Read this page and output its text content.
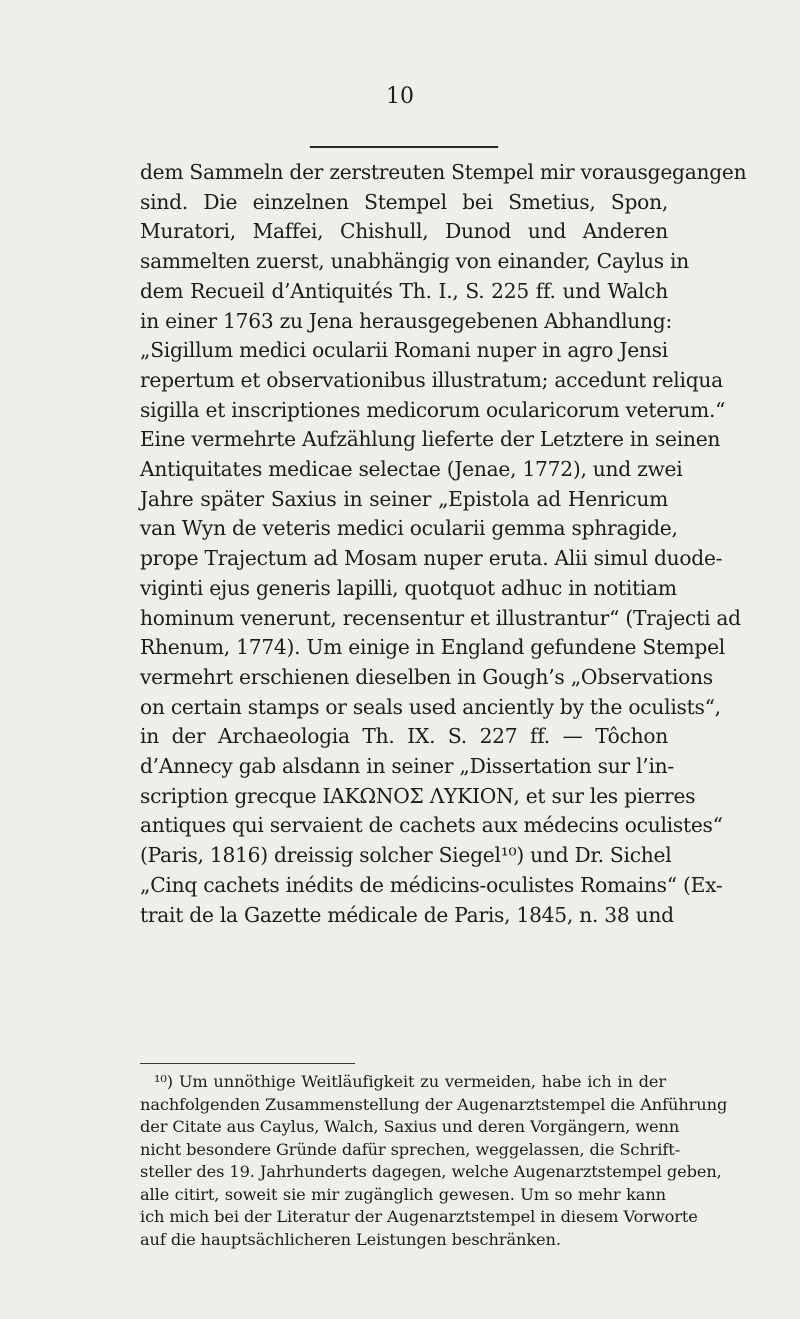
10
dem Sammeln der zerstreuten Stempel mir vorausgegangen
sind. Die einzelnen Stempel bei Smetius, Spon,
Muratori, Maffei, Chishull, Dunod und Anderen
sammelten zuerst, unabhängig von einander, Caylus in
dem Recueil d’Antiquités Th. I., S. 225 ff. und Walch
in einer 1763 zu Jena herausgegebenen Abhandlung:
„Sigillum medici ocularii Romani nuper in agro Jensi
repertum et observationibus illustratum; accedunt reliqua
sigilla et inscriptiones medicorum ocularicorum veterum.“
Eine vermehrte Aufzählung lieferte der Letztere in seinen
Antiquitates medicae selectae (Jenae, 1772), und zwei
Jahre später Saxius in seiner „Epistola ad Henricum
van Wyn de veteris medici ocularii gemma sphragide,
prope Trajectum ad Mosam nuper eruta. Alii simul duode-
viginti ejus generis lapilli, quotquot adhuc in notitiam
hominum venerunt, recensentur et illustrantur“ (Trajecti ad
Rhenum, 1774). Um einige in England gefundene Stempel
vermehrt erschienen dieselben in Gough’s „Observations
on certain stamps or seals used anciently by the oculists“,
in der Archaeologia Th. IX. S. 227 ff. — Tôchon
d’Annecy gab alsdann in seiner „Dissertation sur l’in-
scription grecque ΙΑΚΩΝΟΣ ΛΥΚΙΟΝ, et sur les pierres
antiques qui servaient de cachets aux médecins oculistes“
(Paris, 1816) dreissig solcher Siegel¹⁰) und Dr. Sichel
„Cinq cachets inédits de médicins-oculistes Romains“ (Ex-
trait de la Gazette médicale de Paris, 1845, n. 38 und
¹⁰) Um unnöthige Weitläufigkeit zu vermeiden, habe ich in der
nachfolgenden Zusammenstellung der Augenarztstempel die Anführung
der Citate aus Caylus, Walch, Saxius und deren Vorgängern, wenn
nicht besondere Gründe dafür sprechen, weggelassen, die Schrift-
steller des 19. Jahrhunderts dagegen, welche Augenarztstempel geben,
alle citirt, soweit sie mir zugänglich gewesen. Um so mehr kann
ich mich bei der Literatur der Augenarztstempel in diesem Vorworte
auf die hauptsächlicheren Leistungen beschränken.
